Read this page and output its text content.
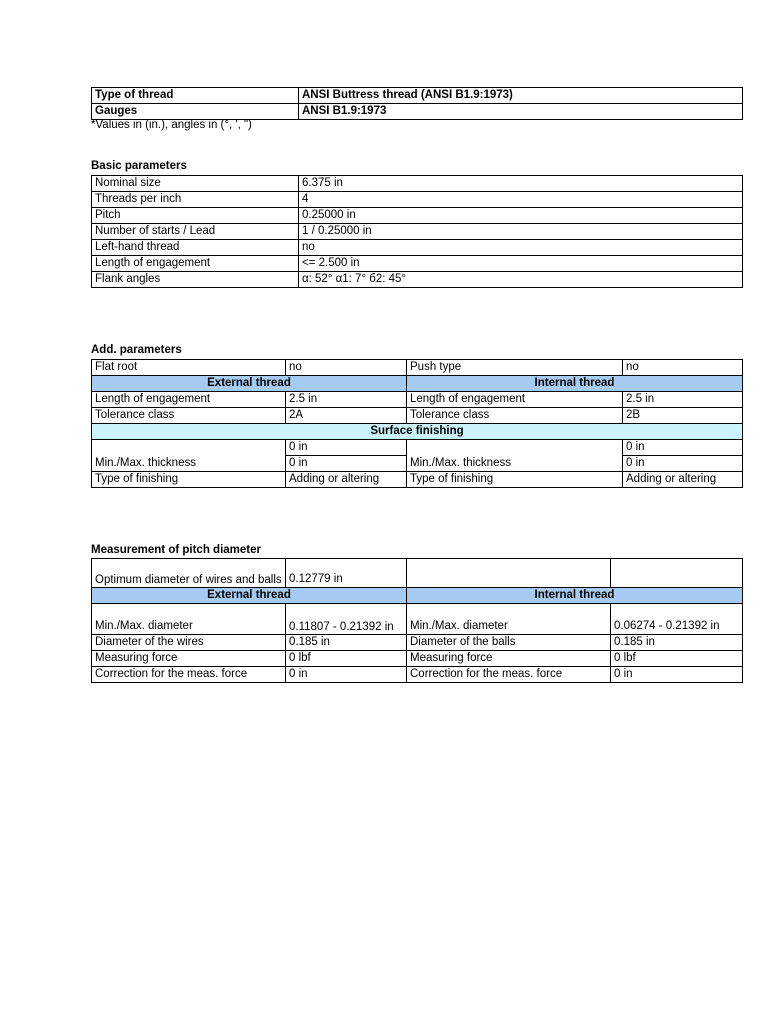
Type of thread	ANSI Buttress thread (ANSI B1.9:1973)
Gauges	ANSI B1.9:1973
*Values in (in.), angles in (°, ', ")
Basic parameters
Nominal size	6.375 in
Threads per inch	4
Pitch	0.25000 in
Number of starts / Lead	1 / 0.25000 in
Left-hand thread	no
Length of engagement	<= 2.500 in
Flank angles	α: 52° α1: 7° б2: 45°
Add. parameters
Flat root	no	Push type	no
External thread		Internal thread	
Length of engagement	2.5 in	Length of engagement	2.5 in
Tolerance class	2A	Tolerance class	2B
Surface finishing			
Min./Max. thickness	0 in	Min./Max. thickness	0 in
	0 in		0 in
Type of finishing	Adding or altering	Type of finishing	Adding or altering
Measurement of pitch diameter
Optimum diameter of wires and balls	0.12779 in		
External thread		Internal thread	
Min./Max. diameter	0.11807 - 0.21392 in	Min./Max. diameter	0.06274 - 0.21392 in
Diameter of the wires	0.185 in	Diameter of the balls	0.185 in
Measuring force	0 lbf	Measuring force	0 lbf
Correction for the meas. force	0 in	Correction for the meas. force	0 in
